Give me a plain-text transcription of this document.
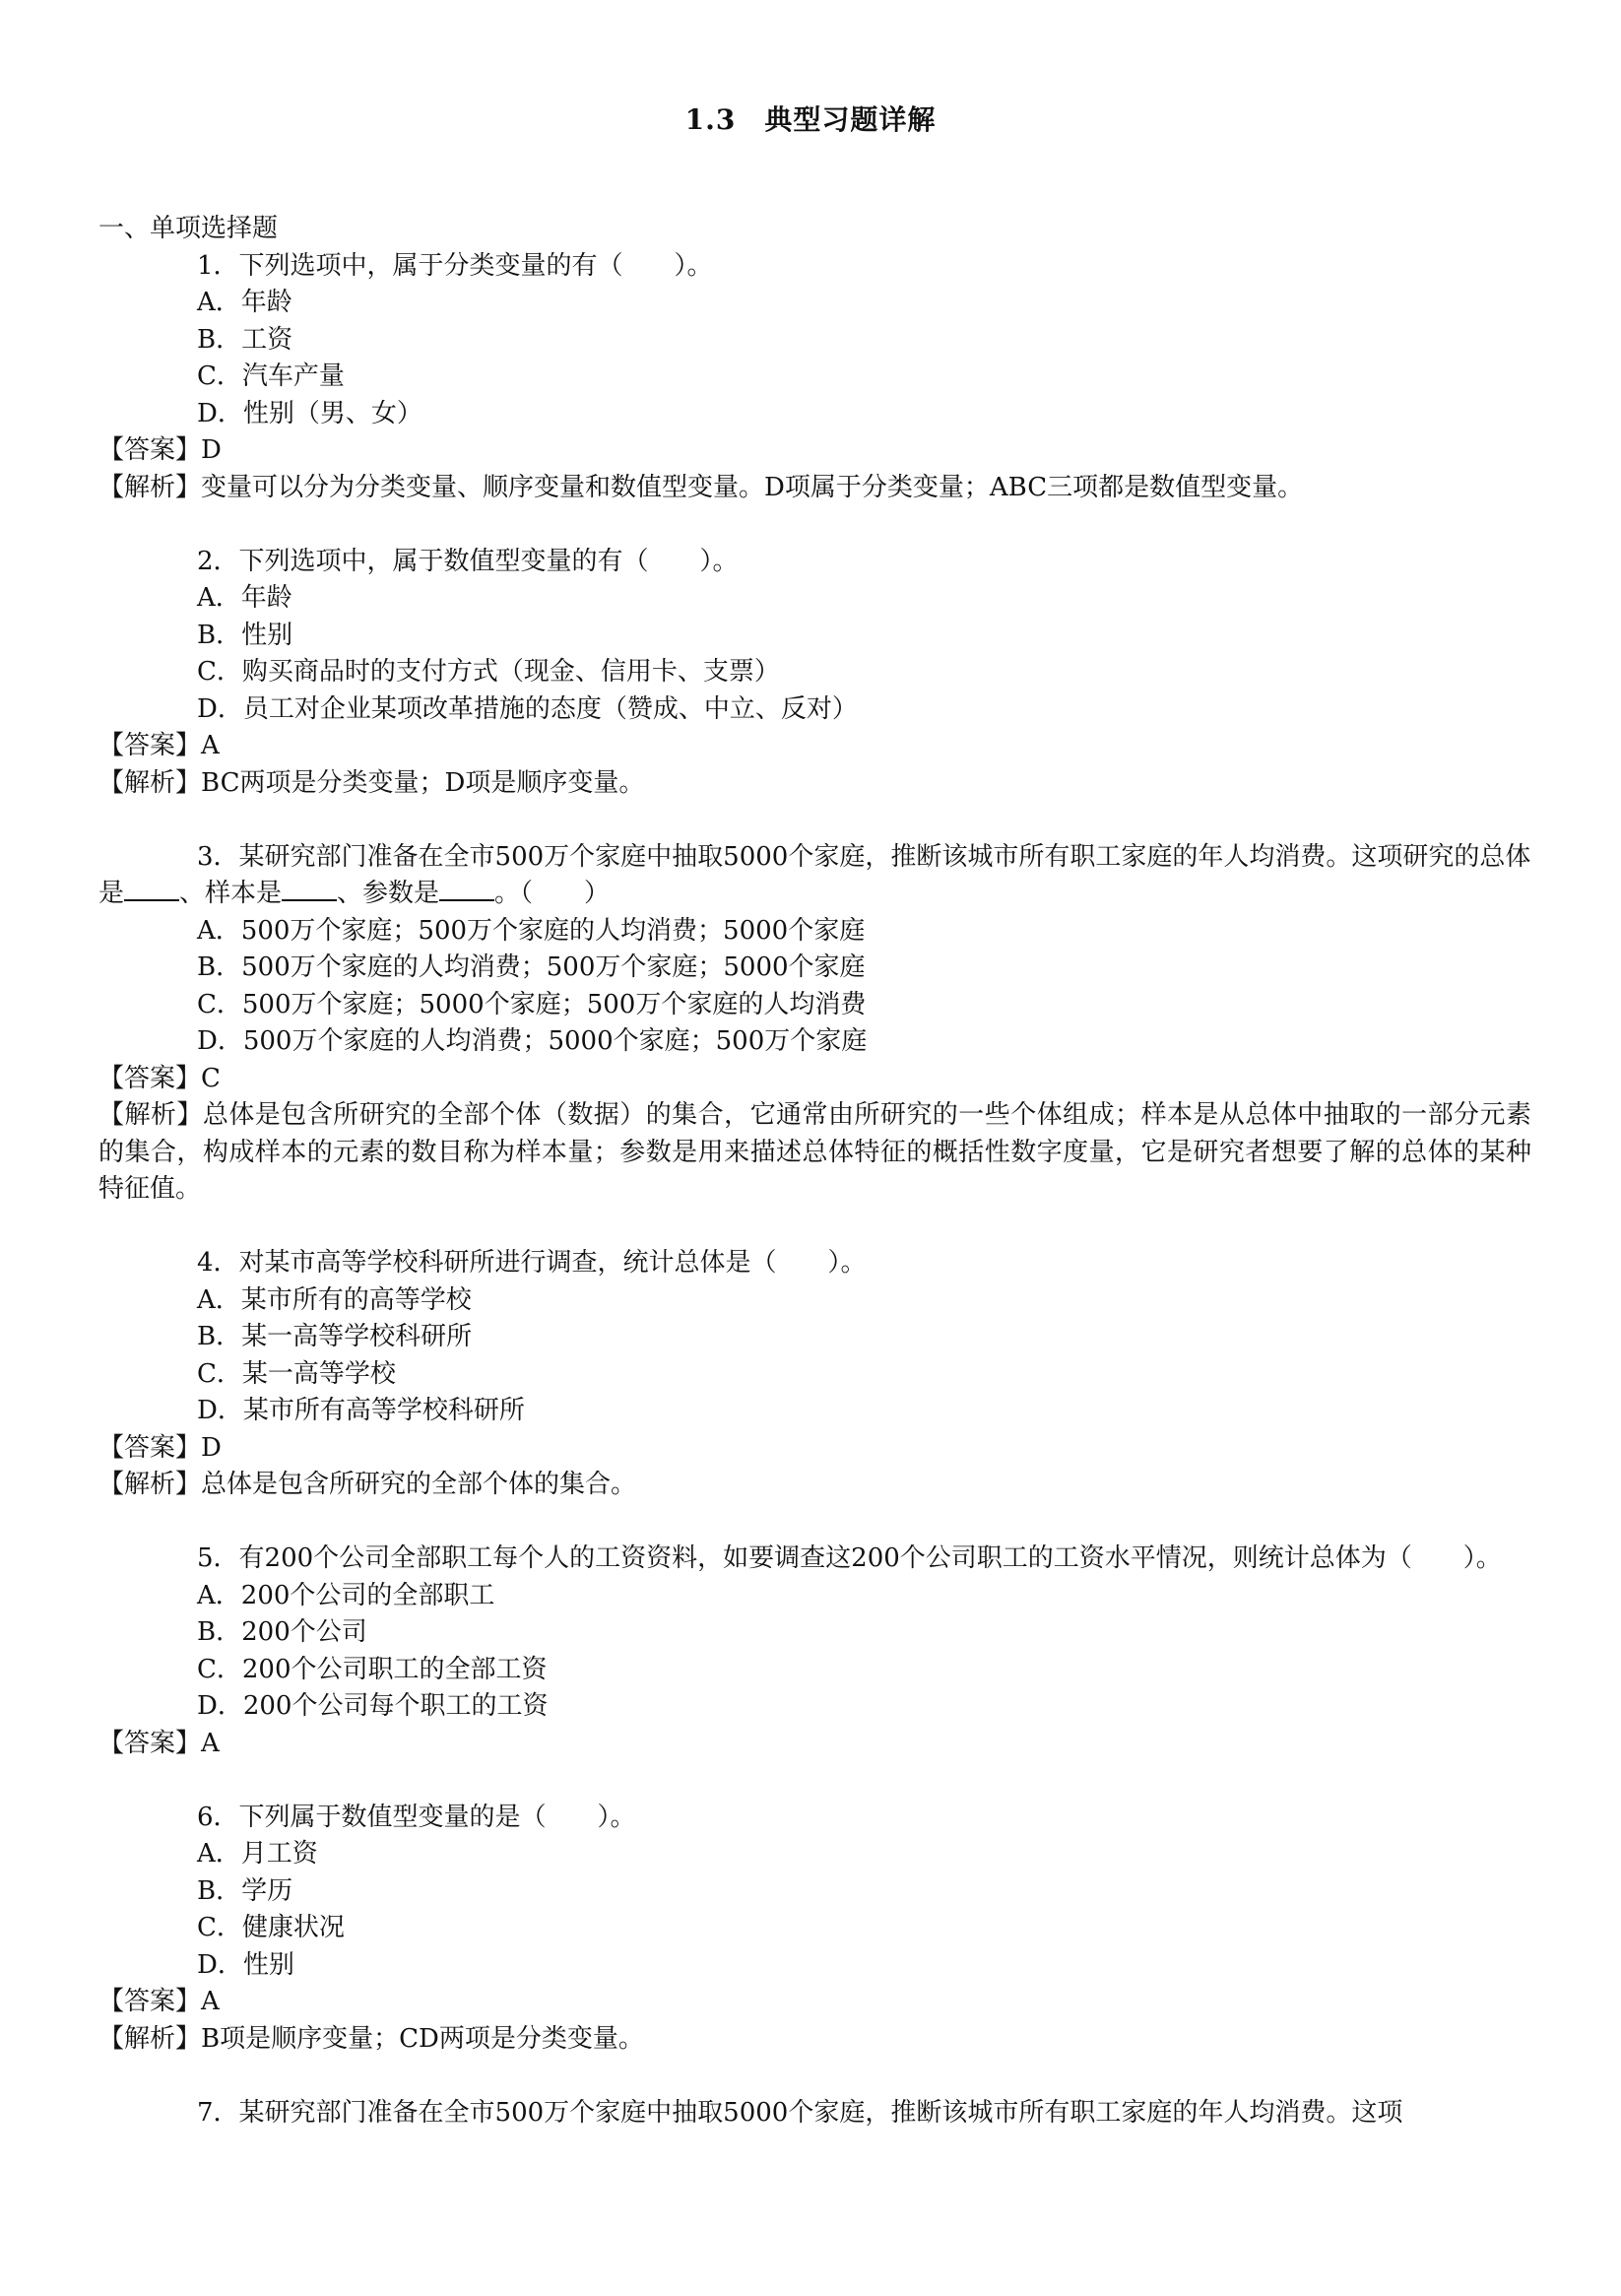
1.3　典型习题详解
一、单项选择题
1．下列选项中，属于分类变量的有（　　）。
A．年龄
B．工资
C．汽车产量
D．性别（男、女）
【答案】D
【解析】变量可以分为分类变量、顺序变量和数值型变量。D项属于分类变量；ABC三项都是数值型变量。
2．下列选项中，属于数值型变量的有（　　）。
A．年龄
B．性别
C．购买商品时的支付方式（现金、信用卡、支票）
D．员工对企业某项改革措施的态度（赞成、中立、反对）
【答案】A
【解析】BC两项是分类变量；D项是顺序变量。
3．某研究部门准备在全市500万个家庭中抽取5000个家庭，推断该城市所有职工家庭的年人均消费。这项研究的总体是 、样本是 、参数是 。（　　）
A．500万个家庭；500万个家庭的人均消费；5000个家庭
B．500万个家庭的人均消费；500万个家庭；5000个家庭
C．500万个家庭；5000个家庭；500万个家庭的人均消费
D．500万个家庭的人均消费；5000个家庭；500万个家庭
【答案】C
【解析】总体是包含所研究的全部个体（数据）的集合，它通常由所研究的一些个体组成；样本是从总体中抽取的一部分元素的集合，构成样本的元素的数目称为样本量；参数是用来描述总体特征的概括性数字度量，它是研究者想要了解的总体的某种特征值。
4．对某市高等学校科研所进行调查，统计总体是（　　）。
A．某市所有的高等学校
B．某一高等学校科研所
C．某一高等学校
D．某市所有高等学校科研所
【答案】D
【解析】总体是包含所研究的全部个体的集合。
5．有200个公司全部职工每个人的工资资料，如要调查这200个公司职工的工资水平情况，则统计总体为（　　）。
A．200个公司的全部职工
B．200个公司
C．200个公司职工的全部工资
D．200个公司每个职工的工资
【答案】A
6．下列属于数值型变量的是（　　）。
A．月工资
B．学历
C．健康状况
D．性别
【答案】A
【解析】B项是顺序变量；CD两项是分类变量。
7．某研究部门准备在全市500万个家庭中抽取5000个家庭，推断该城市所有职工家庭的年人均消费。这项
